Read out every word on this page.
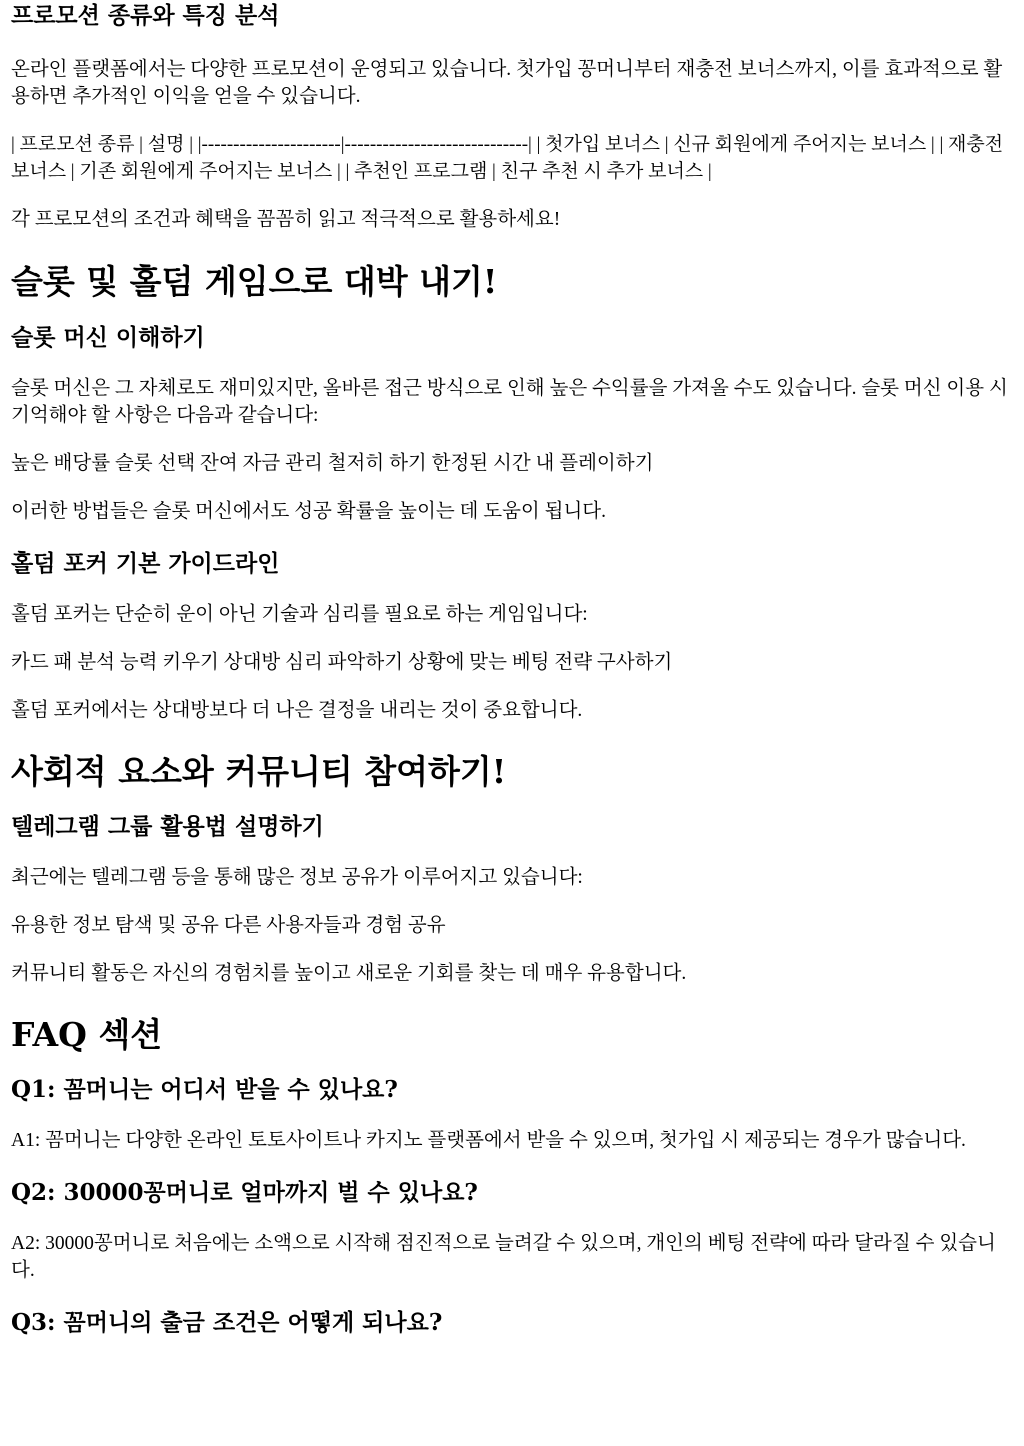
프로모션 종류와 특징 분석

온라인 플랫폼에서는 다양한 프로모션이 운영되고 있습니다. 첫가입 꽁머니부터 재충전 보너스까지, 이를 효과적으로 활용하면 추가적인 이익을 얻을 수 있습니다.

| 프로모션 종류 | 설명 | |----------------------|-----------------------------| | 첫가입 보너스 | 신규 회원에게 주어지는 보너스 | | 재충전 보너스 | 기존 회원에게 주어지는 보너스 | | 추천인 프로그램 | 친구 추천 시 추가 보너스 |

각 프로모션의 조건과 혜택을 꼼꼼히 읽고 적극적으로 활용하세요!

슬롯 및 홀덤 게임으로 대박 내기!
슬롯 머신 이해하기

슬롯 머신은 그 자체로도 재미있지만, 올바른 접근 방식으로 인해 높은 수익률을 가져올 수도 있습니다. 슬롯 머신 이용 시 기억해야 할 사항은 다음과 같습니다:

높은 배당률 슬롯 선택 잔여 자금 관리 철저히 하기 한정된 시간 내 플레이하기

이러한 방법들은 슬롯 머신에서도 성공 확률을 높이는 데 도움이 됩니다.

홀덤 포커 기본 가이드라인

홀덤 포커는 단순히 운이 아닌 기술과 심리를 필요로 하는 게임입니다:

카드 패 분석 능력 키우기 상대방 심리 파악하기 상황에 맞는 베팅 전략 구사하기

홀덤 포커에서는 상대방보다 더 나은 결정을 내리는 것이 중요합니다.

사회적 요소와 커뮤니티 참여하기!
텔레그램 그룹 활용법 설명하기

최근에는 텔레그램 등을 통해 많은 정보 공유가 이루어지고 있습니다:

유용한 정보 탐색 및 공유 다른 사용자들과 경험 공유

커뮤니티 활동은 자신의 경험치를 높이고 새로운 기회를 찾는 데 매우 유용합니다.

FAQ 섹션
Q1: 꼼머니는 어디서 받을 수 있나요?

A1: 꼼머니는 다양한 온라인 토토사이트나 카지노 플랫폼에서 받을 수 있으며, 첫가입 시 제공되는 경우가 많습니다.

Q2: 30000꽁머니로 얼마까지 벌 수 있나요?

A2: 30000꽁머니로 처음에는 소액으로 시작해 점진적으로 늘려갈 수 있으며, 개인의 베팅 전략에 따라 달라질 수 있습니다.

Q3: 꼼머니의 출금 조건은 어떻게 되나요?
